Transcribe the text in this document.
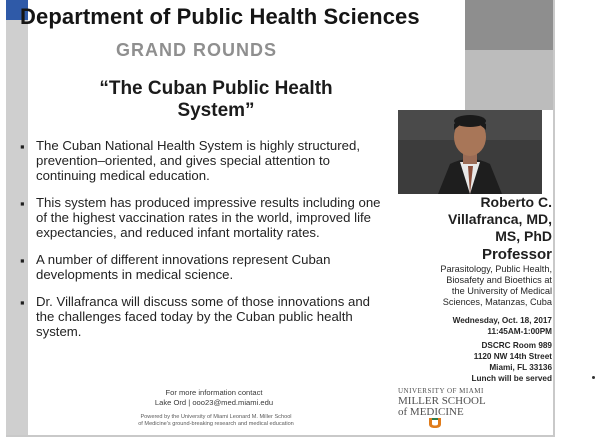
Department of Public Health Sciences
GRAND ROUNDS
“The Cuban Public Health System”
▪ The Cuban National Health System is highly structured, prevention–oriented, and gives special attention to continuing medical education.
▪ This system has produced impressive results including one of the highest vaccination rates in the world, improved life expectancies, and reduced infant mortality rates.
▪ A number of different innovations represent Cuban developments in medical science.
▪ Dr. Villafranca will discuss some of those innovations and the challenges faced today by the Cuban public health system.
Roberto C.
Villafranca, MD,
MS, PhD
Professor
Parasitology, Public Health,
Biosafety and Bioethics at
the University of Medical
Sciences, Matanzas, Cuba
Wednesday, Oct. 18, 2017
11:45AM-1:00PM
DSCRC Room 989
1120 NW 14th Street
Miami, FL 33136
Lunch will be served
For more information contact
Lake Ord | ooo23@med.miami.edu
Powered by the University of Miami Leonard M. Miller School
of Medicine's ground-breaking research and medical education
UNIVERSITY OF MIAMI
MILLER SCHOOL
of MEDICINE
